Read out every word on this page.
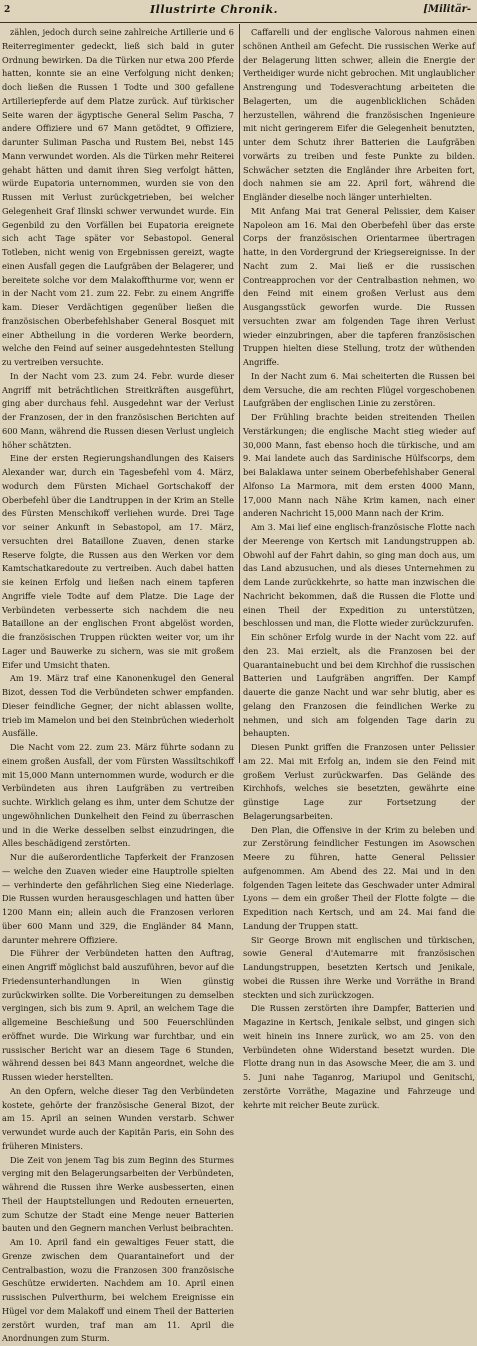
2	Illustrirte Chronik.	[Militär-

zählen, jedoch durch seine zahlreiche Artillerie und 6 Reiterregimenter gedeckt, ließ sich bald in guter Ordnung bewirken. Da die Türken nur etwa 200 Pferde hatten, konnte sie an eine Verfolgung nicht denken; doch ließen die Russen 1 Todte und 300 gefallene Artilleriepferde auf dem Platze zurück. Auf türkischer Seite waren der ägyptische General Selim Pascha, 7 andere Offiziere und 67 Mann getödtet, 9 Offiziere, darunter Suliman Pascha und Rustem Bei, nebst 145 Mann verwundet worden. Als die Türken mehr Reiterei gehabt hätten und damit ihren Sieg verfolgt hätten, würde Eupatoria unternommen, wurden sie von den Russen mit Verlust zurückgetrieben, bei welcher Gelegenheit Graf Ilinski schwer verwundet wurde. Ein Gegenbild zu den Vorfällen bei Eupatoria ereignete sich acht Tage später vor Sebastopol. General Totleben, nicht wenig von Ergebnissen gereizt, wagte einen Ausfall gegen die Laufgräben der Belagerer, und bereitete solche vor dem Malakoffthurme vor, wenn er in der Nacht vom 21. zum 22. Febr. zu einem Angriffe kam. Dieser Verdächtigen gegenüber ließen die französischen Oberbefehlshaber General Bosquet mit einer Abtheilung in die vorderen Werke beordern, welche den Feind auf seiner ausgedehntesten Stellung zu vertreiben versuchte.

In der Nacht vom 23. zum 24. Febr. wurde dieser Angriff mit beträchtlichen Streitkräften ausgeführt, ging aber durchaus fehl. Ausgedehnt war der Verlust der Franzosen, der in den französischen Berichten auf 600 Mann, während die Russen diesen Verlust ungleich höher schätzten.

Eine der ersten Regierungshandlungen des Kaisers Alexander war, durch ein Tagesbefehl vom 4. März, wodurch dem Fürsten Michael Gortschakoff der Oberbefehl über die Landtruppen in der Krim an Stelle des Fürsten Menschikoff verliehen wurde. Drei Tage vor seiner Ankunft in Sebastopol, am 17. März, versuchten drei Bataillone Zuaven, denen starke Reserve folgte, die Russen aus den Werken vor dem Kamtschatkaredoute zu vertreiben. Auch dabei hatten sie keinen Erfolg und ließen nach einem tapferen Angriffe viele Todte auf dem Platze. Die Lage der Verbündeten verbesserte sich nachdem die neu Bataillone an der englischen Front abgelöst worden, die französischen Truppen rückten weiter vor, um ihr Lager und Bauwerke zu sichern, was sie mit großem Eifer und Umsicht thaten.

Am 19. März traf eine Kanonenkugel den General Bizot, dessen Tod die Verbündeten schwer empfanden. Dieser feindliche Gegner, der nicht ablassen wollte, trieb im Mamelon und bei den Steinbrüchen wiederholt Ausfälle.

Die Nacht vom 22. zum 23. März führte sodann zu einem großen Ausfall, der vom Fürsten Wassiltschikoff mit 15,000 Mann unternommen wurde, wodurch er die Verbündeten aus ihren Laufgräben zu vertreiben suchte. Wirklich gelang es ihm, unter dem Schutze der ungewöhnlichen Dunkelheit den Feind zu überraschen und in die Werke desselben selbst einzudringen, die Alles beschädigend zerstörten.

Nur die außerordentliche Tapferkeit der Franzosen — welche den Zuaven wieder eine Hauptrolle spielten — verhinderte den gefährlichen Sieg eine Niederlage. Die Russen wurden herausgeschlagen und hatten über 1200 Mann ein; allein auch die Franzosen verloren über 600 Mann und 329, die Engländer 84 Mann, darunter mehrere Offiziere.

Die Führer der Verbündeten hatten den Auftrag, einen Angriff möglichst bald auszuführen, bevor auf die Friedensunterhandlungen in Wien günstig zurückwirken sollte. Die Vorbereitungen zu demselben vergingen, sich bis zum 9. April, an welchem Tage die allgemeine Beschießung und 500 Feuerschlünden eröffnet wurde. Die Wirkung war furchtbar, und ein russischer Bericht war an diesem Tage 6 Stunden, während dessen bei 843 Mann angeordnet, welche die Russen wieder herstellten.

An den Opfern, welche dieser Tag den Verbündeten kostete, gehörte der französische General Bizot, der am 15. April an seinen Wunden verstarb. Schwer verwundet wurde auch der Kapitän Paris, ein Sohn des früheren Ministers.

Die Zeit von jenem Tag bis zum Beginn des Sturmes verging mit den Belagerungsarbeiten der Verbündeten, während die Russen ihre Werke ausbesserten, einen Theil der Hauptstellungen und Redouten erneuerten, zum Schutze der Stadt eine Menge neuer Batterien bauten und den Gegnern manchen Verlust beibrachten.

Am 10. April fand ein gewaltiges Feuer statt, die Grenze zwischen dem Quarantainefort und der Centralbastion, wozu die Franzosen 300 französische Geschütze erwiderten. Nachdem am 10. April einen russischen Pulverthurm, bei welchem Ereignisse ein Hügel vor dem Malakoff und einem Theil der Batterien zerstört wurden, traf man am 11. April die Anordnungen zum Sturm.

Caffarelli und der englische Valorous nahmen einen schönen Antheil am Gefecht. Die russischen Werke auf der Belagerung litten schwer, allein die Energie der Vertheidiger wurde nicht gebrochen. Mit unglaublicher Anstrengung und Todesverachtung arbeiteten die Belagerten, um die augenblicklichen Schäden herzustellen, während die französischen Ingenieure mit nicht geringerem Eifer die Gelegenheit benutzten, unter dem Schutz ihrer Batterien die Laufgräben vorwärts zu treiben und feste Punkte zu bilden. Schwächer setzten die Engländer ihre Arbeiten fort, doch nahmen sie am 22. April fort, während die Engländer dieselbe noch länger unterhielten.

Mit Anfang Mai trat General Pelissier, dem Kaiser Napoleon am 16. Mai den Oberbefehl über das erste Corps der französischen Orientarmee übertragen hatte, in den Vordergrund der Kriegsereignisse. In der Nacht zum 2. Mai ließ er die russischen Contreapprochen vor der Centralbastion nehmen, wo den Feind mit einem großen Verlust aus dem Ausgangsstück geworfen wurde. Die Russen versuchten zwar am folgenden Tage ihren Verlust wieder einzubringen, aber die tapferen französischen Truppen hielten diese Stellung, trotz der wüthenden Angriffe.

In der Nacht zum 6. Mai scheiterten die Russen bei dem Versuche, die am rechten Flügel vorgeschobenen Laufgräben der englischen Linie zu zerstören.

Der Frühling brachte beiden streitenden Theilen Verstärkungen; die englische Macht stieg wieder auf 30,000 Mann, fast ebenso hoch die türkische, und am 9. Mai landete auch das Sardinische Hülfscorps, dem bei Balaklawa unter seinem Oberbefehlshaber General Alfonso La Marmora, mit dem ersten 4000 Mann, 17,000 Mann nach Nähe Krim kamen, nach einer anderen Nachricht 15,000 Mann nach der Krim.

Am 3. Mai lief eine englisch-französische Flotte nach der Meerenge von Kertsch mit Landungstruppen ab. Obwohl auf der Fahrt dahin, so ging man doch aus, um das Land abzusuchen, und als dieses Unternehmen zu dem Lande zurückkehrte, so hatte man inzwischen die Nachricht bekommen, daß die Russen die Flotte und einen Theil der Expedition zu unterstützen, beschlossen und man, die Flotte wieder zurückzurufen.

Ein schöner Erfolg wurde in der Nacht vom 22. auf den 23. Mai erzielt, als die Franzosen bei der Quarantainebucht und bei dem Kirchhof die russischen Batterien und Laufgräben angriffen. Der Kampf dauerte die ganze Nacht und war sehr blutig, aber es gelang den Franzosen die feindlichen Werke zu nehmen, und sich am folgenden Tage darin zu behaupten.

Diesen Punkt griffen die Franzosen unter Pelissier am 22. Mai mit Erfolg an, indem sie den Feind mit großem Verlust zurückwarfen. Das Gelände des Kirchhofs, welches sie besetzten, gewährte eine günstige Lage zur Fortsetzung der Belagerungsarbeiten.

Den Plan, die Offensive in der Krim zu beleben und zur Zerstörung feindlicher Festungen im Asowschen Meere zu führen, hatte General Pelissier aufgenommen. Am Abend des 22. Mai und in den folgenden Tagen leitete das Geschwader unter Admiral Lyons — dem ein großer Theil der Flotte folgte — die Expedition nach Kertsch, und am 24. Mai fand die Landung der Truppen statt.

Sir George Brown mit englischen und türkischen, sowie General d'Autemarre mit französischen Landungstruppen, besetzten Kertsch und Jenikale, wobei die Russen ihre Werke und Vorräthe in Brand steckten und sich zurückzogen.

Die Russen zerstörten ihre Dampfer, Batterien und Magazine in Kertsch, Jenikale selbst, und gingen sich weit hinein ins Innere zurück, wo am 25. von den Verbündeten ohne Widerstand besetzt wurden. Die Flotte drang nun in das Asowsche Meer, die am 3. und 5. Juni nahe Taganrog, Mariupol und Genitschi, zerstörte Vorräthe, Magazine und Fahrzeuge und kehrte mit reicher Beute zurück.
